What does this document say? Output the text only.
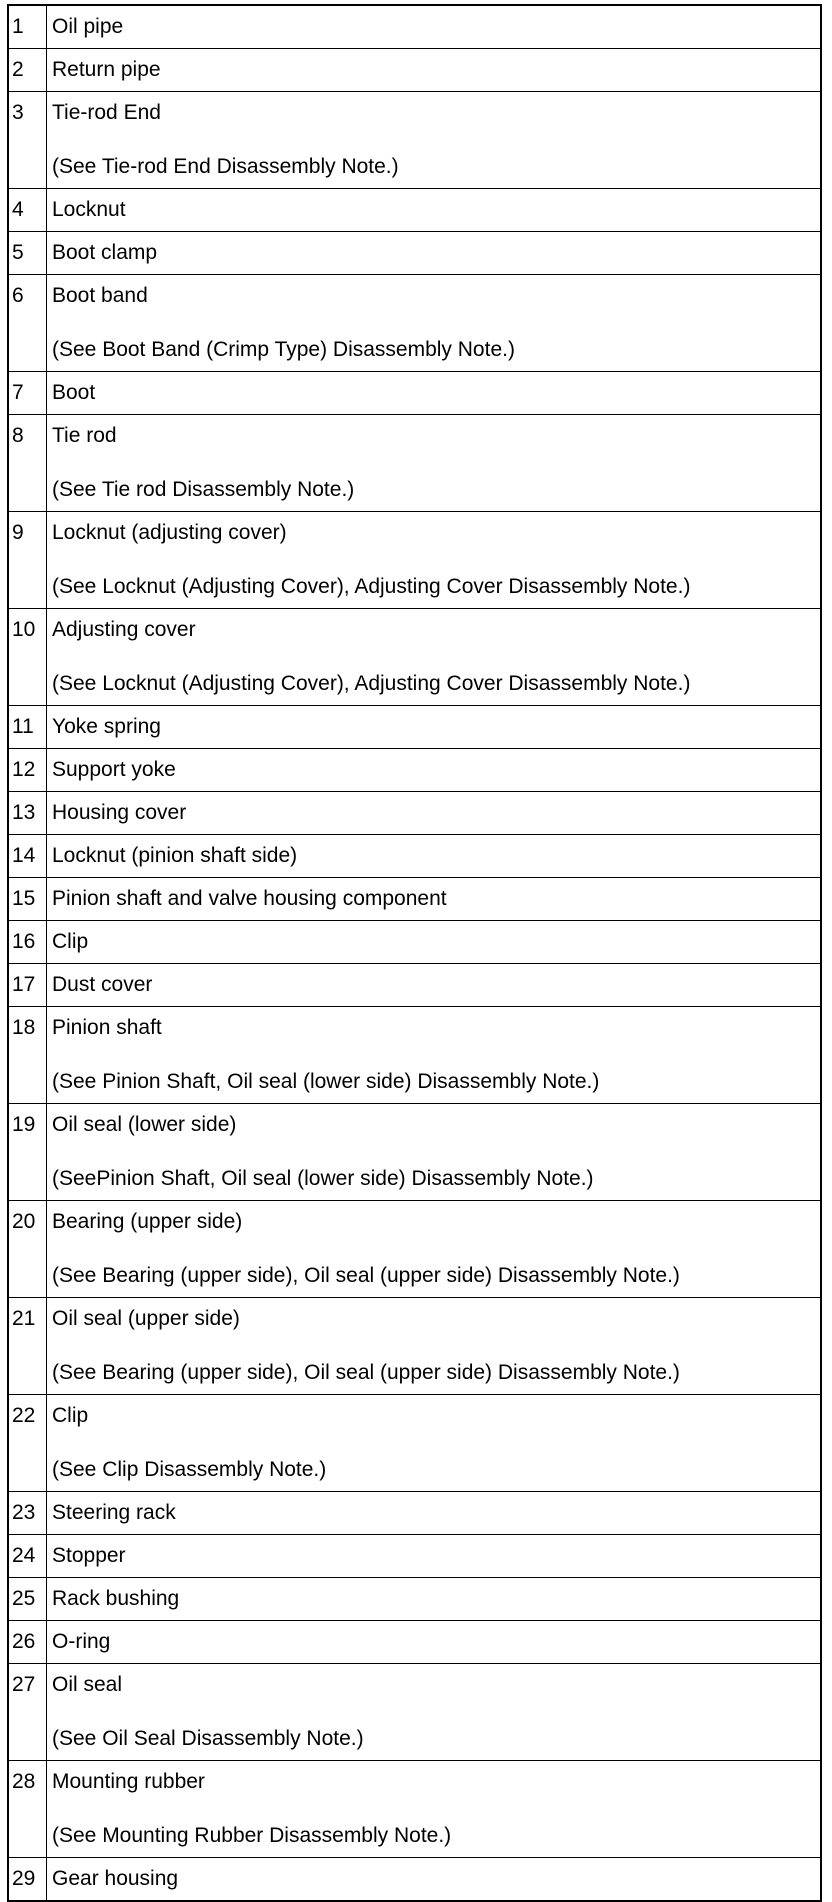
1	Oil pipe

2	Return pipe

3	Tie-rod End
(See Tie-rod End Disassembly Note.)

4	Locknut

5	Boot clamp

6	Boot band
(See Boot Band (Crimp Type) Disassembly Note.)

7	Boot

8	Tie rod
(See Tie rod Disassembly Note.)

9	Locknut (adjusting cover)
(See Locknut (Adjusting Cover), Adjusting Cover Disassembly Note.)

10	Adjusting cover
(See Locknut (Adjusting Cover), Adjusting Cover Disassembly Note.)

11	Yoke spring

12	Support yoke

13	Housing cover

14	Locknut (pinion shaft side)

15	Pinion shaft and valve housing component

16	Clip

17	Dust cover

18	Pinion shaft
(See Pinion Shaft, Oil seal (lower side) Disassembly Note.)

19	Oil seal (lower side)
(SeePinion Shaft, Oil seal (lower side) Disassembly Note.)

20	Bearing (upper side)
(See Bearing (upper side), Oil seal (upper side) Disassembly Note.)

21	Oil seal (upper side)
(See Bearing (upper side), Oil seal (upper side) Disassembly Note.)

22	Clip
(See Clip Disassembly Note.)

23	Steering rack

24	Stopper

25	Rack bushing

26	O-ring

27	Oil seal
(See Oil Seal Disassembly Note.)

28	Mounting rubber
(See Mounting Rubber Disassembly Note.)

29	Gear housing
